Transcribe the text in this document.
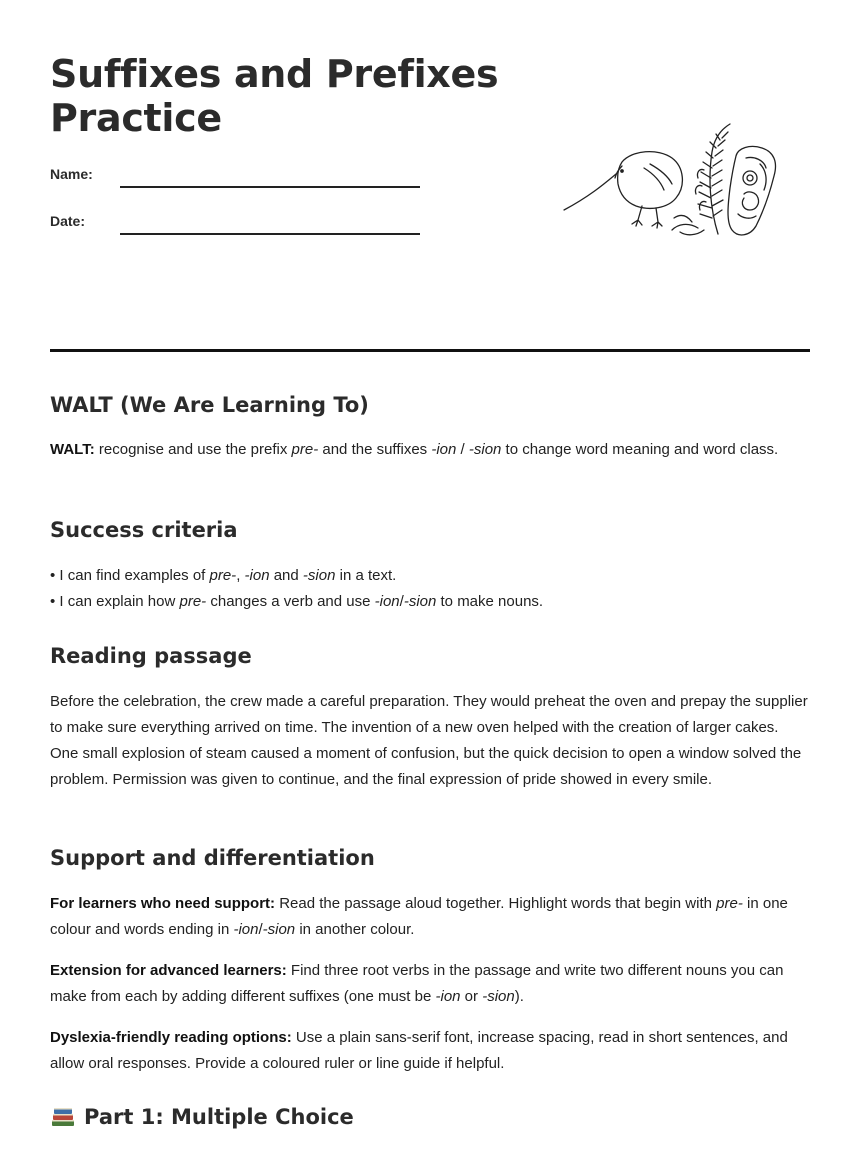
Suffixes and Prefixes
Practice
Name:
Date:
WALT (We Are Learning To)

WALT: recognise and use the prefix pre- and the suffixes -ion / -sion to change word meaning and word class.

Success criteria

• I can find examples of pre-, -ion and -sion in a text.
• I can explain how pre- changes a verb and use -ion/-sion to make nouns.

Reading passage

Before the celebration, the crew made a careful preparation. They would preheat the oven and prepay the supplier to make sure everything arrived on time. The invention of a new oven helped with the creation of larger cakes. One small explosion of steam caused a moment of confusion, but the quick decision to open a window solved the problem. Permission was given to continue, and the final expression of pride showed in every smile.

Support and differentiation

For learners who need support: Read the passage aloud together. Highlight words that begin with pre- in one colour and words ending in -ion/-sion in another colour.

Extension for advanced learners: Find three root verbs in the passage and write two different nouns you can make from each by adding different suffixes (one must be -ion or -sion).

Dyslexia-friendly reading options: Use a plain sans-serif font, increase spacing, read in short sentences, and allow oral responses. Provide a coloured ruler or line guide if helpful.

Part 1: Multiple Choice
